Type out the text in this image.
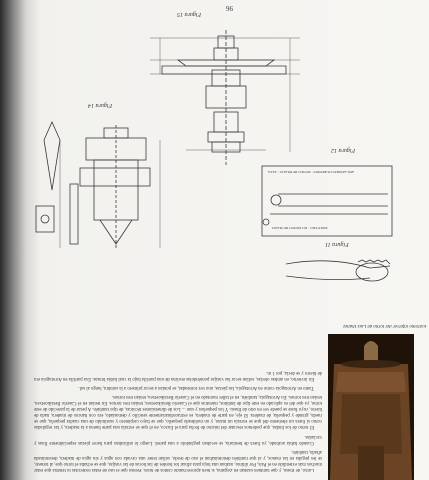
96
Figura 15
Figura 14
Figura 12
Figura 11
AFILADORES OURENSES · MUSEO DE BEALIZ · ALTA
MOLEYRO · DO MUSEO DE MANO

Lutxo, de Ibusu, y que también usaban en Zegama, si bien aprovechando cantos de hilos. Pienso que el uso de estas rodecillas lo tendría que estar muchos más extendido en el País, Por último, usaban una hoja para afinar los bordes de las bocas de las vasijas, que se echaba el torno que, al tomear, se les pegaba en las manos, y al que también denominaban el uso de teodo, solían tener una cavada con agua y sin agua de madera, denominada aftada, también.

Cuando había acabado, ya fuera de bestiaria, se secaban pegándolo a una pared. Luego lo utilizaban para hacer piezas especialmente finas y vaciadas.

El torno de los lindas, que podemos rescatar del mismo de fecha para el Euzco, en el que se extraía una parte buena a la madera, y las reguladas como si fuera un elemento del que se extraía un mano, y un moldeado pequeño, que se bayo carpintero y sustituido de una cuadra pequeña, que se rueda, grande y pequeña, de madera. El eje, en parte de madera, es extraordinariamente sencillo y demasiado, era con bancos de madera, nada de hierro, cuyo fuste se puede ver en otro de Ibusu. Y los pequeños y uno ... Los de dimensiones técnicas, de tipo también. A pesar de la parecido de este torno, ya que del es aplicado en este tipo de ámbitos, mientras que el Caserío Beraikoetxea, tenían tres tornos. En tenían en el Caserío Beraikoetxea, tenían tres tornos. En Arrotagoia, también, en el taller montado en el Caserío Beraikoetxea, tenían tres tornos.

Tanto en Arrotagoia como en Arrotagoia, las piezas, una vez torneadas, se ponían a secar primero a la sombra, luego al sol.

En invierno, en ambas olerías, solían secar las vasijas poniéndolas encima de una parrilla bajo la cual había brasas. Esa parrilla en Arrotagoia era de hierro y se decía, por 1 m.

Extremo inferior del torno de Luis Ibáñez
